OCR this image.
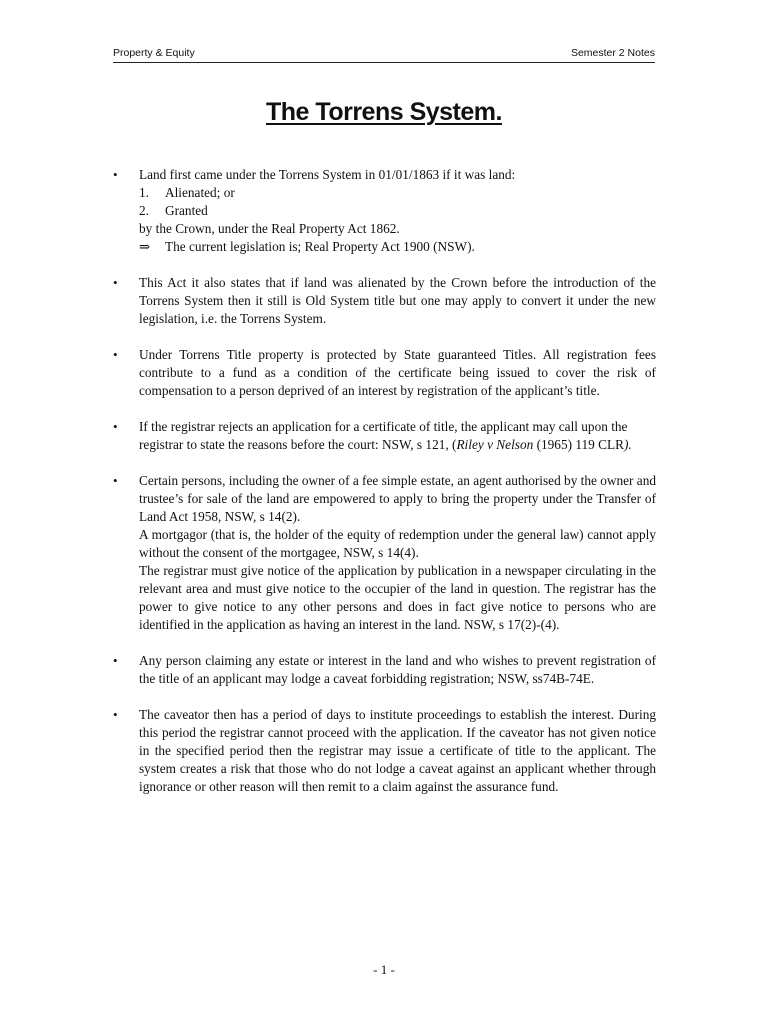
Property & Equity	Semester 2 Notes
The Torrens System.
•	Land first came under the Torrens System in 01/01/1863 if it was land:
1. Alienated; or
2. Granted
by the Crown, under the Real Property Act 1862.
⇒ The current legislation is; Real Property Act 1900 (NSW).
•	This Act it also states that if land was alienated by the Crown before the introduction of the Torrens System then it still is Old System title but one may apply to convert it under the new legislation, i.e. the Torrens System.
•	Under Torrens Title property is protected by State guaranteed Titles. All registration fees contribute to a fund as a condition of the certificate being issued to cover the risk of compensation to a person deprived of an interest by registration of the applicant’s title.
•	If the registrar rejects an application for a certificate of title, the applicant may call upon the registrar to state the reasons before the court: NSW, s 121, (Riley v Nelson (1965) 119 CLR).
•	Certain persons, including the owner of a fee simple estate, an agent authorised by the owner and trustee’s for sale of the land are empowered to apply to bring the property under the Transfer of Land Act 1958, NSW, s 14(2).
A mortgagor (that is, the holder of the equity of redemption under the general law) cannot apply without the consent of the mortgagee, NSW, s 14(4).
The registrar must give notice of the application by publication in a newspaper circulating in the relevant area and must give notice to the occupier of the land in question. The registrar has the power to give notice to any other persons and does in fact give notice to persons who are identified in the application as having an interest in the land. NSW, s 17(2)-(4).
•	Any person claiming any estate or interest in the land and who wishes to prevent registration of the title of an applicant may lodge a caveat forbidding registration; NSW, ss74B-74E.
•	The caveator then has a period of days to institute proceedings to establish the interest. During this period the registrar cannot proceed with the application. If the caveator has not given notice in the specified period then the registrar may issue a certificate of title to the applicant. The system creates a risk that those who do not lodge a caveat against an applicant whether through ignorance or other reason will then remit to a claim against the assurance fund.
- 1 -
